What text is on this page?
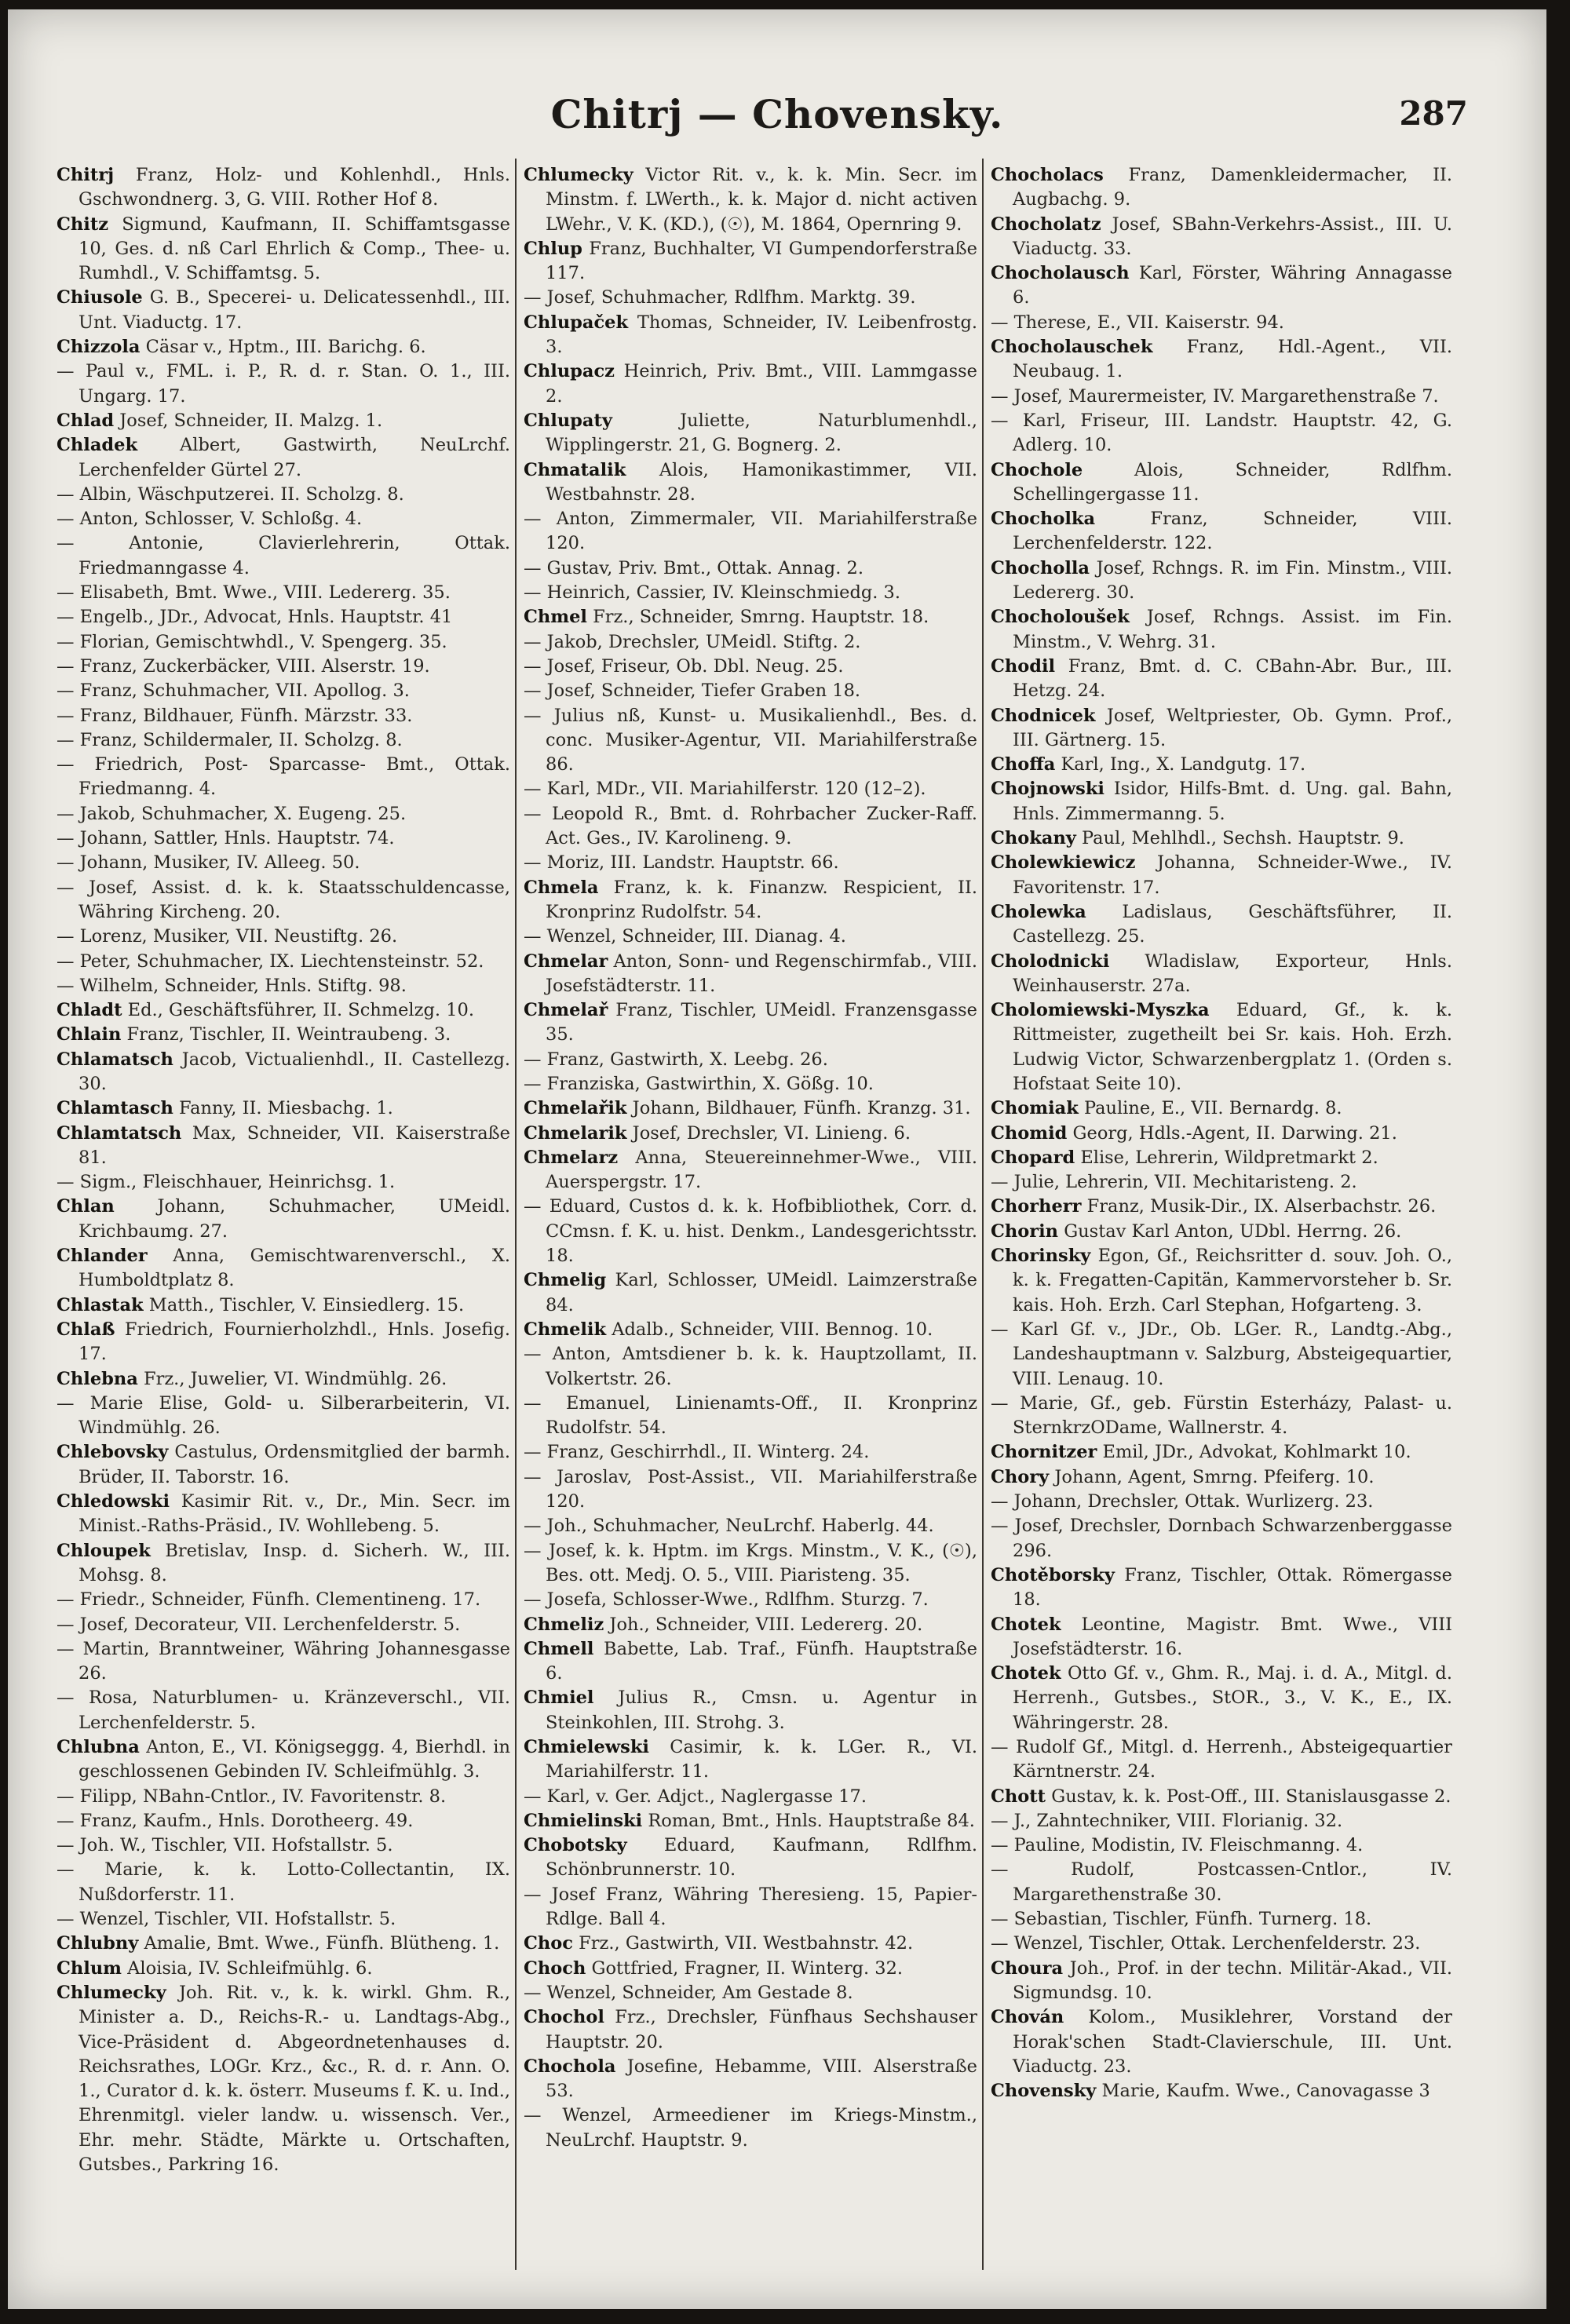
Chitrj — Chovensky.	287
Chitrj Franz, Holz- und Kohlenhdl., Hnls. Gschwondnerg. 3, G. VIII. Rother Hof 8.
Chitz Sigmund, Kaufmann, II. Schiffamtsgasse 10, Ges. d. nß Carl Ehrlich & Comp., Thee- u. Rumhdl., V. Schiffamtsg. 5.
Chiusole G. B., Specerei- u. Delicatessenhdl., III. Unt. Viaductg. 17.
Chizzola Cäsar v., Hptm., III. Barichg. 6.
— Paul v., FML. i. P., R. d. r. Stan. O. 1., III. Ungarg. 17.
Chlad Josef, Schneider, II. Malzg. 1.
Chladek Albert, Gastwirth, NeuLrchf. Lerchenfelder Gürtel 27.
— Albin, Wäschputzerei. II. Scholzg. 8.
— Anton, Schlosser, V. Schloßg. 4.
— Antonie, Clavierlehrerin, Ottak. Friedmanngasse 4.
— Elisabeth, Bmt. Wwe., VIII. Ledererg. 35.
— Engelb., JDr., Advocat, Hnls. Hauptstr. 41
— Florian, Gemischtwhdl., V. Spengerg. 35.
— Franz, Zuckerbäcker, VIII. Alserstr. 19.
— Franz, Schuhmacher, VII. Apollog. 3.
— Franz, Bildhauer, Fünfh. Märzstr. 33.
— Franz, Schildermaler, II. Scholzg. 8.
— Friedrich, Post- Sparcasse- Bmt., Ottak. Friedmanng. 4.
— Jakob, Schuhmacher, X. Eugeng. 25.
— Johann, Sattler, Hnls. Hauptstr. 74.
— Johann, Musiker, IV. Alleeg. 50.
— Josef, Assist. d. k. k. Staatsschuldencasse, Währing Kircheng. 20.
— Lorenz, Musiker, VII. Neustiftg. 26.
— Peter, Schuhmacher, IX. Liechtensteinstr. 52.
— Wilhelm, Schneider, Hnls. Stiftg. 98.
Chladt Ed., Geschäftsführer, II. Schmelzg. 10.
Chlain Franz, Tischler, II. Weintraubeng. 3.
Chlamatsch Jacob, Victualienhdl., II. Castellezg. 30.
Chlamtasch Fanny, II. Miesbachg. 1.
Chlamtatsch Max, Schneider, VII. Kaiserstraße 81.
— Sigm., Fleischhauer, Heinrichsg. 1.
Chlan Johann, Schuhmacher, UMeidl. Krichbaumg. 27.
Chlander Anna, Gemischtwarenverschl., X. Humboldtplatz 8.
Chlastak Matth., Tischler, V. Einsiedlerg. 15.
Chlaß Friedrich, Fournierholzhdl., Hnls. Josefig. 17.
Chlebna Frz., Juwelier, VI. Windmühlg. 26.
— Marie Elise, Gold- u. Silberarbeiterin, VI. Windmühlg. 26.
Chlebovsky Castulus, Ordensmitglied der barmh. Brüder, II. Taborstr. 16.
Chledowski Kasimir Rit. v., Dr., Min. Secr. im Minist.-Raths-Präsid., IV. Wohllebeng. 5.
Chloupek Bretislav, Insp. d. Sicherh. W., III. Mohsg. 8.
— Friedr., Schneider, Fünfh. Clementineng. 17.
— Josef, Decorateur, VII. Lerchenfelderstr. 5.
— Martin, Branntweiner, Währing Johannesgasse 26.
— Rosa, Naturblumen- u. Kränzeverschl., VII. Lerchenfelderstr. 5.
Chlubna Anton, E., VI. Königseggg. 4, Bierhdl. in geschlossenen Gebinden IV. Schleifmühlg. 3.
— Filipp, NBahn-Cntlor., IV. Favoritenstr. 8.
— Franz, Kaufm., Hnls. Dorotheerg. 49.
— Joh. W., Tischler, VII. Hofstallstr. 5.
— Marie, k. k. Lotto-Collectantin, IX. Nußdorferstr. 11.
— Wenzel, Tischler, VII. Hofstallstr. 5.
Chlubny Amalie, Bmt. Wwe., Fünfh. Blütheng. 1.
Chlum Aloisia, IV. Schleifmühlg. 6.
Chlumecky Joh. Rit. v., k. k. wirkl. Ghm. R., Minister a. D., Reichs-R.- u. Landtags-Abg., Vice-Präsident d. Abgeordnetenhauses d. Reichsrathes, LOGr. Krz., &c., R. d. r. Ann. O. 1., Curator d. k. k. österr. Museums f. K. u. Ind., Ehrenmitgl. vieler landw. u. wissensch. Ver., Ehr. mehr. Städte, Märkte u. Ortschaften, Gutsbes., Parkring 16.
Chlumecky Victor Rit. v., k. k. Min. Secr. im Minstm. f. LWerth., k. k. Major d. nicht activen LWehr., V. K. (KD.), (☉), M. 1864, Opernring 9.
Chlup Franz, Buchhalter, VI Gumpendorferstraße 117.
— Josef, Schuhmacher, Rdlfhm. Marktg. 39.
Chlupaček Thomas, Schneider, IV. Leibenfrostg. 3.
Chlupacz Heinrich, Priv. Bmt., VIII. Lammgasse 2.
Chlupaty Juliette, Naturblumenhdl., Wipplingerstr. 21, G. Bognerg. 2.
Chmatalik Alois, Hamonikastimmer, VII. Westbahnstr. 28.
— Anton, Zimmermaler, VII. Mariahilferstraße 120.
— Gustav, Priv. Bmt., Ottak. Annag. 2.
— Heinrich, Cassier, IV. Kleinschmiedg. 3.
Chmel Frz., Schneider, Smrng. Hauptstr. 18.
— Jakob, Drechsler, UMeidl. Stiftg. 2.
— Josef, Friseur, Ob. Dbl. Neug. 25.
— Josef, Schneider, Tiefer Graben 18.
— Julius nß, Kunst- u. Musikalienhdl., Bes. d. conc. Musiker-Agentur, VII. Mariahilferstraße 86.
— Karl, MDr., VII. Mariahilferstr. 120 (12–2).
— Leopold R., Bmt. d. Rohrbacher Zucker-Raff. Act. Ges., IV. Karolineng. 9.
— Moriz, III. Landstr. Hauptstr. 66.
Chmela Franz, k. k. Finanzw. Respicient, II. Kronprinz Rudolfstr. 54.
— Wenzel, Schneider, III. Dianag. 4.
Chmelar Anton, Sonn- und Regenschirmfab., VIII. Josefstädterstr. 11.
Chmelař Franz, Tischler, UMeidl. Franzensgasse 35.
— Franz, Gastwirth, X. Leebg. 26.
— Franziska, Gastwirthin, X. Gößg. 10.
Chmelařik Johann, Bildhauer, Fünfh. Kranzg. 31.
Chmelarik Josef, Drechsler, VI. Linieng. 6.
Chmelarz Anna, Steuereinnehmer-Wwe., VIII. Auerspergstr. 17.
— Eduard, Custos d. k. k. Hofbibliothek, Corr. d. CCmsn. f. K. u. hist. Denkm., Landesgerichtsstr. 18.
Chmelig Karl, Schlosser, UMeidl. Laimzerstraße 84.
Chmelik Adalb., Schneider, VIII. Bennog. 10.
— Anton, Amtsdiener b. k. k. Hauptzollamt, II. Volkertstr. 26.
— Emanuel, Linienamts-Off., II. Kronprinz Rudolfstr. 54.
— Franz, Geschirrhdl., II. Winterg. 24.
— Jaroslav, Post-Assist., VII. Mariahilferstraße 120.
— Joh., Schuhmacher, NeuLrchf. Haberlg. 44.
— Josef, k. k. Hptm. im Krgs. Minstm., V. K., (☉), Bes. ott. Medj. O. 5., VIII. Piaristeng. 35.
— Josefa, Schlosser-Wwe., Rdlfhm. Sturzg. 7.
Chmeliz Joh., Schneider, VIII. Ledererg. 20.
Chmell Babette, Lab. Traf., Fünfh. Hauptstraße 6.
Chmiel Julius R., Cmsn. u. Agentur in Steinkohlen, III. Strohg. 3.
Chmielewski Casimir, k. k. LGer. R., VI. Mariahilferstr. 11.
— Karl, v. Ger. Adjct., Naglergasse 17.
Chmielinski Roman, Bmt., Hnls. Hauptstraße 84.
Chobotsky Eduard, Kaufmann, Rdlfhm. Schönbrunnerstr. 10.
— Josef Franz, Währing Theresieng. 15, Papier-Rdlge. Ball 4.
Choc Frz., Gastwirth, VII. Westbahnstr. 42.
Choch Gottfried, Fragner, II. Winterg. 32.
— Wenzel, Schneider, Am Gestade 8.
Chochol Frz., Drechsler, Fünfhaus Sechshauser Hauptstr. 20.
Chochola Josefine, Hebamme, VIII. Alserstraße 53.
— Wenzel, Armeediener im Kriegs-Minstm., NeuLrchf. Hauptstr. 9.
Chocholacs Franz, Damenkleidermacher, II. Augbachg. 9.
Chocholatz Josef, SBahn-Verkehrs-Assist., III. U. Viaductg. 33.
Chocholausch Karl, Förster, Währing Annagasse 6.
— Therese, E., VII. Kaiserstr. 94.
Chocholauschek Franz, Hdl.-Agent., VII. Neubaug. 1.
— Josef, Maurermeister, IV. Margarethenstraße 7.
— Karl, Friseur, III. Landstr. Hauptstr. 42, G. Adlerg. 10.
Chochole Alois, Schneider, Rdlfhm. Schellingergasse 11.
Chocholka Franz, Schneider, VIII. Lerchenfelderstr. 122.
Chocholla Josef, Rchngs. R. im Fin. Minstm., VIII. Ledererg. 30.
Chocholoušek Josef, Rchngs. Assist. im Fin. Minstm., V. Wehrg. 31.
Chodil Franz, Bmt. d. C. CBahn-Abr. Bur., III. Hetzg. 24.
Chodnicek Josef, Weltpriester, Ob. Gymn. Prof., III. Gärtnerg. 15.
Choffa Karl, Ing., X. Landgutg. 17.
Chojnowski Isidor, Hilfs-Bmt. d. Ung. gal. Bahn, Hnls. Zimmermanng. 5.
Chokany Paul, Mehlhdl., Sechsh. Hauptstr. 9.
Cholewkiewicz Johanna, Schneider-Wwe., IV. Favoritenstr. 17.
Cholewka Ladislaus, Geschäftsführer, II. Castellezg. 25.
Cholodnicki Wladislaw, Exporteur, Hnls. Weinhauserstr. 27a.
Cholomiewski-Myszka Eduard, Gf., k. k. Rittmeister, zugetheilt bei Sr. kais. Hoh. Erzh. Ludwig Victor, Schwarzenbergplatz 1. (Orden s. Hofstaat Seite 10).
Chomiak Pauline, E., VII. Bernardg. 8.
Chomid Georg, Hdls.-Agent, II. Darwing. 21.
Chopard Elise, Lehrerin, Wildpretmarkt 2.
— Julie, Lehrerin, VII. Mechitaristeng. 2.
Chorherr Franz, Musik-Dir., IX. Alserbachstr. 26.
Chorin Gustav Karl Anton, UDbl. Herrng. 26.
Chorinsky Egon, Gf., Reichsritter d. souv. Joh. O., k. k. Fregatten-Capitän, Kammervorsteher b. Sr. kais. Hoh. Erzh. Carl Stephan, Hofgarteng. 3.
— Karl Gf. v., JDr., Ob. LGer. R., Landtg.-Abg., Landeshauptmann v. Salzburg, Absteigequartier, VIII. Lenaug. 10.
— Marie, Gf., geb. Fürstin Esterházy, Palast- u. SternkrzODame, Wallnerstr. 4.
Chornitzer Emil, JDr., Advokat, Kohlmarkt 10.
Chory Johann, Agent, Smrng. Pfeiferg. 10.
— Johann, Drechsler, Ottak. Wurlizerg. 23.
— Josef, Drechsler, Dornbach Schwarzenberggasse 296.
Chotěborsky Franz, Tischler, Ottak. Römergasse 18.
Chotek Leontine, Magistr. Bmt. Wwe., VIII Josefstädterstr. 16.
Chotek Otto Gf. v., Ghm. R., Maj. i. d. A., Mitgl. d. Herrenh., Gutsbes., StOR., 3., V. K., E., IX. Währingerstr. 28.
— Rudolf Gf., Mitgl. d. Herrenh., Absteigequartier Kärntnerstr. 24.
Chott Gustav, k. k. Post-Off., III. Stanislausgasse 2.
— J., Zahntechniker, VIII. Florianig. 32.
— Pauline, Modistin, IV. Fleischmanng. 4.
— Rudolf, Postcassen-Cntlor., IV. Margarethenstraße 30.
— Sebastian, Tischler, Fünfh. Turnerg. 18.
— Wenzel, Tischler, Ottak. Lerchenfelderstr. 23.
Choura Joh., Prof. in der techn. Militär-Akad., VII. Sigmundsg. 10.
Chován Kolom., Musiklehrer, Vorstand der Horak'schen Stadt-Clavierschule, III. Unt. Viaductg. 23.
Chovensky Marie, Kaufm. Wwe., Canovagasse 3
